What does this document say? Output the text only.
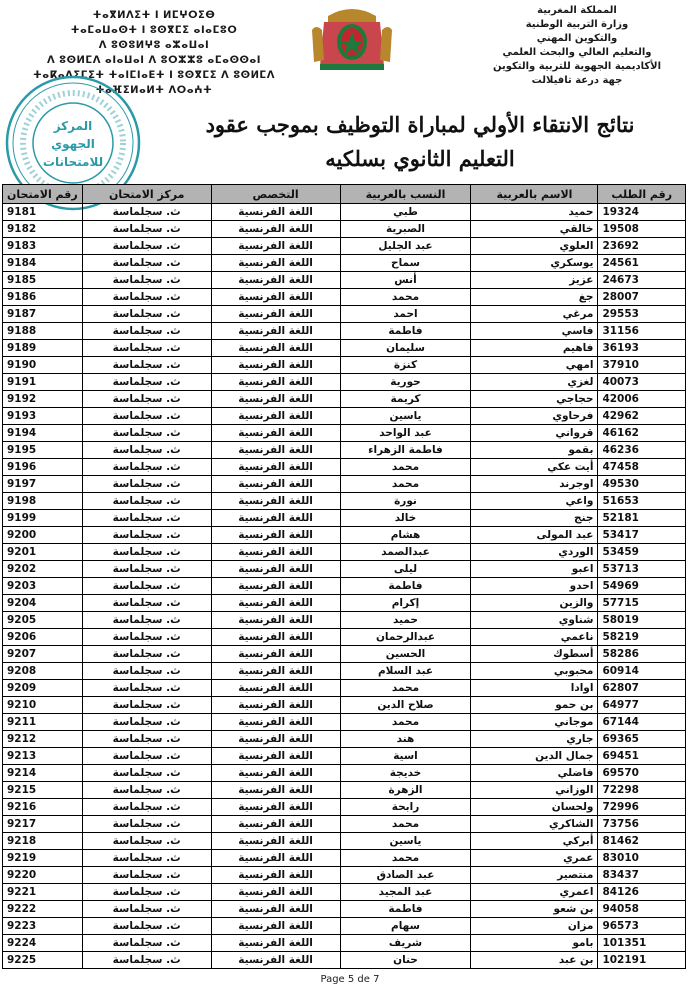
ⵜⴰⴳⵍⴷⵉⵜ ⵏ ⵍⵎⵖⵔⵉⴱ
ⵜⴰⵎⴰⵡⴰⵙⵜ ⵏ ⵓⵙⴳⵎⵉ ⴰⵏⴰⵎⵓⵔ
ⴷ ⵓⵙⵓⵍⵖⵓ ⴰⵣⴰⵡⴰⵏ
ⴷ ⵓⵙⵍⵎⴷ ⴰⵏⴰⵡⴰⵏ ⴷ ⵓⵔⵣⵣⵓ ⴰⵎⴰⵙⵙⴰⵏ
ⵜⴰⴽⴰⴷⵉⵎⵉⵜ ⵜⴰⵏⵎⵏⴰⴹⵜ ⵏ ⵓⵙⴳⵎⵉ ⴷ ⵓⵙⵍⵎⴷ
ⵜⴰⴼⵉⵍⴰⵍⵜ ⴷⵔⴰⵄⵜ
المملكة المغربية
وزارة التربية الوطنية
والتكوين المهني
والتعليم العالي والبحث العلمي
الأكاديمية الجهوية للتربية والتكوين
جهة درعة تافيلالت
المركز
الجهوي
للامتحانات
نتائج الانتقاء الأولي لمباراة التوظيف بموجب عقود
التعليم الثانوي بسلكيه
رقم الطلب	الاسم بالعربية	النسب بالعربية	التخصص	مركز الامتحان	رقم الامتحان
19324	حميد	طبي	اللغة الفرنسية	ث. سجلماسة	9181
19508	خالقي	الصبرية	اللغة الفرنسية	ث. سجلماسة	9182
23692	العلوي	عبد الجليل	اللغة الفرنسية	ث. سجلماسة	9183
24561	يوسكري	سماح	اللغة الفرنسية	ث. سجلماسة	9184
24673	عزيز	أنس	اللغة الفرنسية	ث. سجلماسة	9185
28007	جغ	محمد	اللغة الفرنسية	ث. سجلماسة	9186
29553	مرغي	احمد	اللغة الفرنسية	ث. سجلماسة	9187
31156	فاسي	فاطمة	اللغة الفرنسية	ث. سجلماسة	9188
36193	فاهيم	سليمان	اللغة الفرنسية	ث. سجلماسة	9189
37910	امهي	كنزة	اللغة الفرنسية	ث. سجلماسة	9190
40073	لغزي	حورية	اللغة الفرنسية	ث. سجلماسة	9191
42006	حجاجي	كريمة	اللغة الفرنسية	ث. سجلماسة	9192
42962	فرحاوي	ياسين	اللغة الفرنسية	ث. سجلماسة	9193
46162	قرواني	عبد الواحد	اللغة الفرنسية	ث. سجلماسة	9194
46236	بقمو	فاطمة الزهراء	اللغة الفرنسية	ث. سجلماسة	9195
47458	أيت عكي	محمد	اللغة الفرنسية	ث. سجلماسة	9196
49530	اوجرند	محمد	اللغة الفرنسية	ث. سجلماسة	9197
51653	واعي	نورة	اللغة الفرنسية	ث. سجلماسة	9198
52181	جنج	خالد	اللغة الفرنسية	ث. سجلماسة	9199
53417	عبد المولى	هشام	اللغة الفرنسية	ث. سجلماسة	9200
53459	الوردي	عبدالصمد	اللغة الفرنسية	ث. سجلماسة	9201
53713	اعبو	ليلى	اللغة الفرنسية	ث. سجلماسة	9202
54969	احدو	فاطمة	اللغة الفرنسية	ث. سجلماسة	9203
57715	والزين	إكرام	اللغة الفرنسية	ث. سجلماسة	9204
58019	شناوي	حميد	اللغة الفرنسية	ث. سجلماسة	9205
58219	ناعمي	عبدالرحمان	اللغة الفرنسية	ث. سجلماسة	9206
58286	أسطوك	الحسين	اللغة الفرنسية	ث. سجلماسة	9207
60914	محبوبي	عبد السلام	اللغة الفرنسية	ث. سجلماسة	9208
62807	اوادا	محمد	اللغة الفرنسية	ث. سجلماسة	9209
64977	بن حمو	صلاح الدين	اللغة الفرنسية	ث. سجلماسة	9210
67144	موجاني	محمد	اللغة الفرنسية	ث. سجلماسة	9211
69365	جاري	هند	اللغة الفرنسية	ث. سجلماسة	9212
69451	جمال الدين	اسية	اللغة الفرنسية	ث. سجلماسة	9213
69570	فاضلي	خديجة	اللغة الفرنسية	ث. سجلماسة	9214
72298	الوزاني	الزهرة	اللغة الفرنسية	ث. سجلماسة	9215
72996	ولحسان	رابحة	اللغة الفرنسية	ث. سجلماسة	9216
73756	الشاكري	محمد	اللغة الفرنسية	ث. سجلماسة	9217
81462	أبركي	ياسين	اللغة الفرنسية	ث. سجلماسة	9218
83010	عمري	محمد	اللغة الفرنسية	ث. سجلماسة	9219
83437	منتصير	عبد الصادق	اللغة الفرنسية	ث. سجلماسة	9220
84126	اعمري	عبد المجيد	اللغة الفرنسية	ث. سجلماسة	9221
94058	بن شعو	فاطمة	اللغة الفرنسية	ث. سجلماسة	9222
96573	مزان	سهام	اللغة الفرنسية	ث. سجلماسة	9223
101351	بامو	شريف	اللغة الفرنسية	ث. سجلماسة	9224
102191	بن عبد	حنان	اللغة الفرنسية	ث. سجلماسة	9225
Page 5 de 7
